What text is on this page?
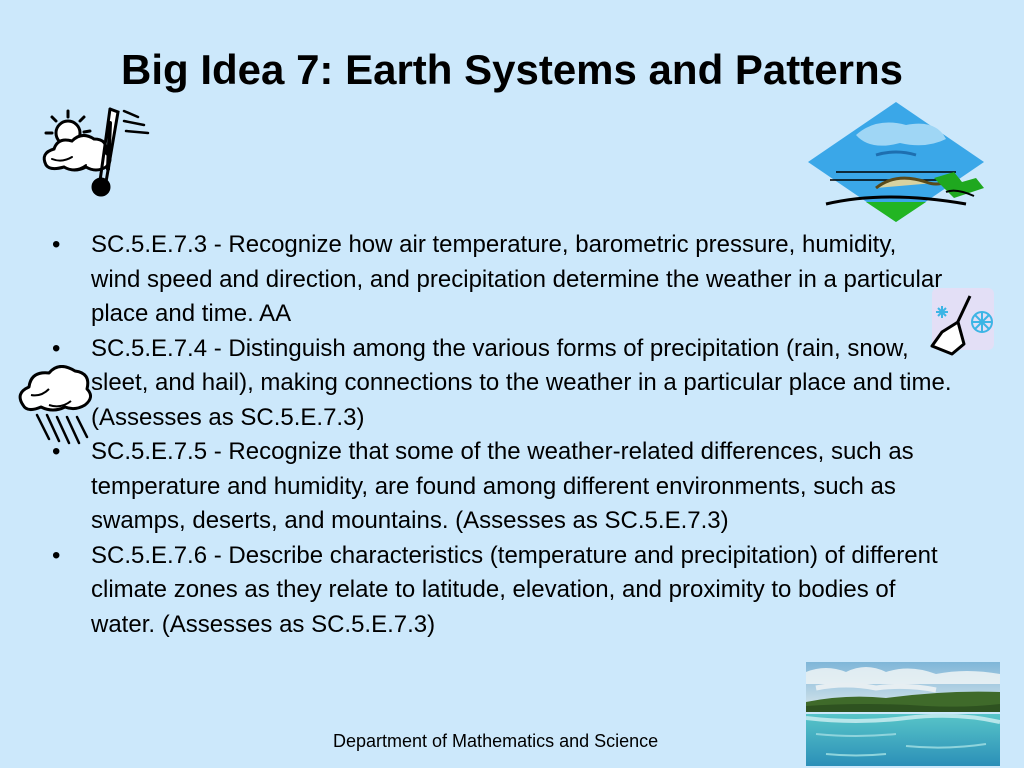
Big Idea 7: Earth Systems and Patterns
• SC.5.E.7.3 - Recognize how air temperature, barometric pressure, humidity, wind speed and direction, and precipitation determine the weather in a particular place and time. AA
• SC.5.E.7.4 - Distinguish among the various forms of precipitation (rain, snow, sleet, and hail), making connections to the weather in a particular place and time. (Assesses as SC.5.E.7.3)
• SC.5.E.7.5 - Recognize that some of the weather-related differences, such as temperature and humidity, are found among different environments, such as swamps, deserts, and mountains. (Assesses as SC.5.E.7.3)
• SC.5.E.7.6 - Describe characteristics (temperature and precipitation) of different climate zones as they relate to latitude, elevation, and proximity to bodies of water. (Assesses as SC.5.E.7.3)
Department of Mathematics and Science
